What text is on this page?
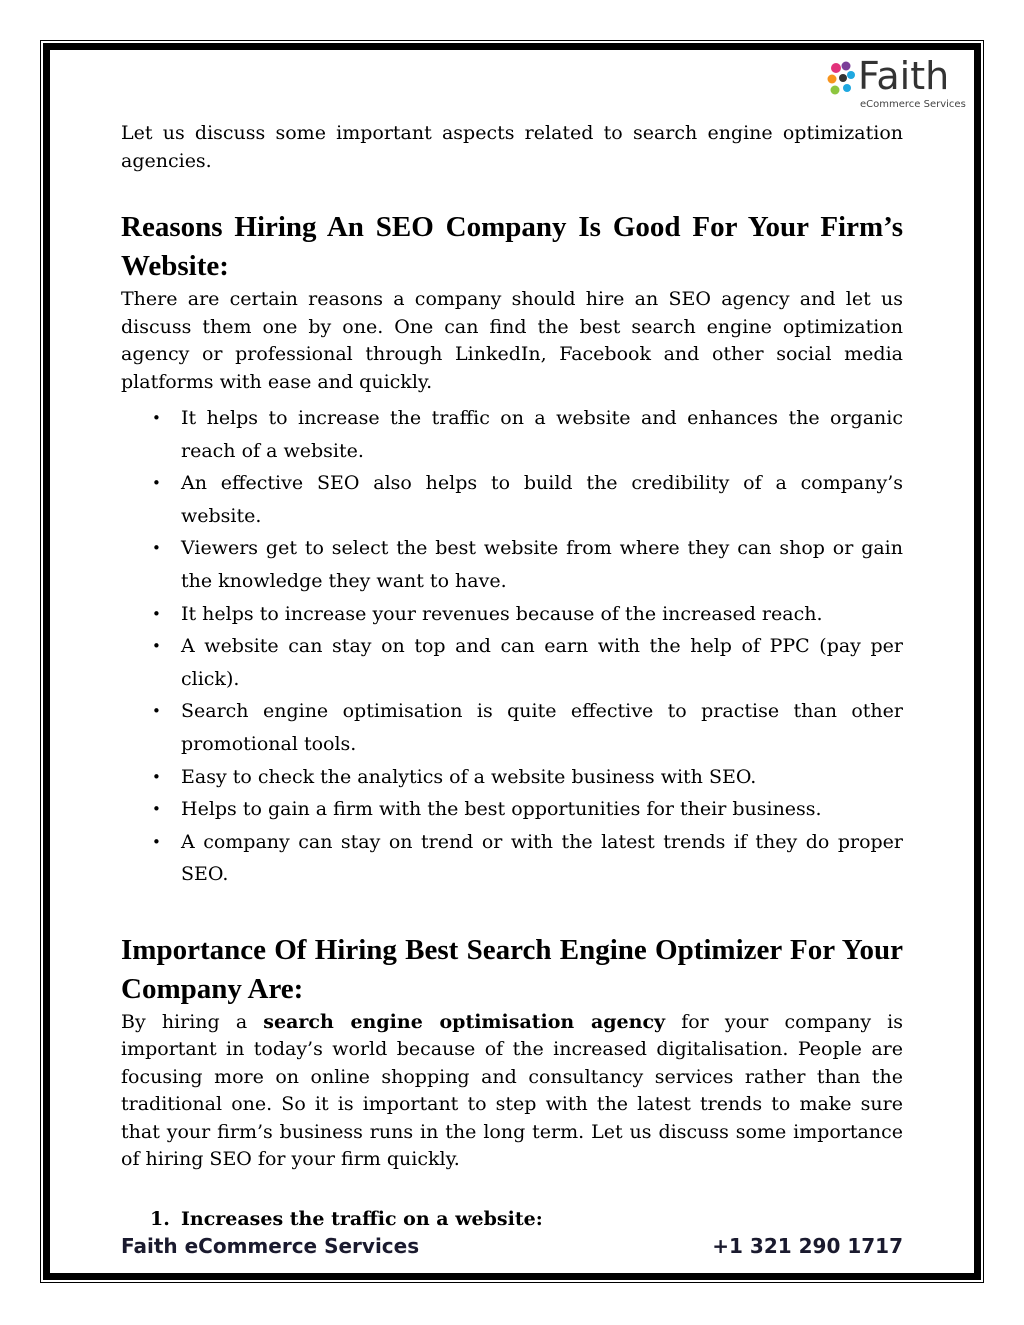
Faith
eCommerce Services

Let us discuss some important aspects related to search engine optimization agencies.

Reasons Hiring An SEO Company Is Good For Your Firm’s Website:

There are certain reasons a company should hire an SEO agency and let us discuss them one by one. One can find the best search engine optimization agency or professional through LinkedIn, Facebook and other social media platforms with ease and quickly.

• It helps to increase the traffic on a website and enhances the organic reach of a website.
• An effective SEO also helps to build the credibility of a company’s website.
• Viewers get to select the best website from where they can shop or gain the knowledge they want to have.
• It helps to increase your revenues because of the increased reach.
• A website can stay on top and can earn with the help of PPC (pay per click).
• Search engine optimisation is quite effective to practise than other promotional tools.
• Easy to check the analytics of a website business with SEO.
• Helps to gain a firm with the best opportunities for their business.
• A company can stay on trend or with the latest trends if they do proper SEO.
Importance Of Hiring Best Search Engine Optimizer For Your Company Are:

By hiring a search engine optimisation agency for your company is important in today’s world because of the increased digitalisation. People are focusing more on online shopping and consultancy services rather than the traditional one. So it is important to step with the latest trends to make sure that your firm’s business runs in the long term. Let us discuss some importance of hiring SEO for your firm quickly.

1. Increases the traffic on a website:
Faith eCommerce Services	+1 321 290 1717
